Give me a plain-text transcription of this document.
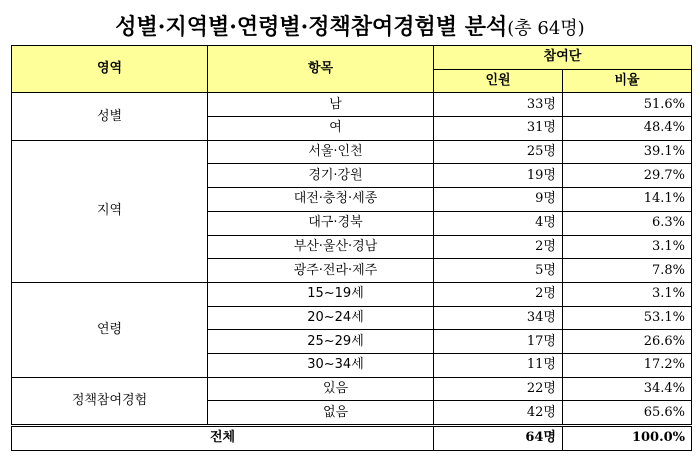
성별·지역별·연령별·정책참여경험별 분석(총 64명)
영역	항목	참여단	
		인원	비율
성별	남	33명	51.6%
	여	31명	48.4%
지역	서울·인천	25명	39.1%
	경기·강원	19명	29.7%
	대전·충청·세종	9명	14.1%
	대구·경북	4명	6.3%
	부산·울산·경남	2명	3.1%
	광주·전라·제주	5명	7.8%
연령	15~19세	2명	3.1%
	20~24세	34명	53.1%
	25~29세	17명	26.6%
	30~34세	11명	17.2%
정책참여경험	있음	22명	34.4%
	없음	42명	65.6%
전체		64명	100.0%
